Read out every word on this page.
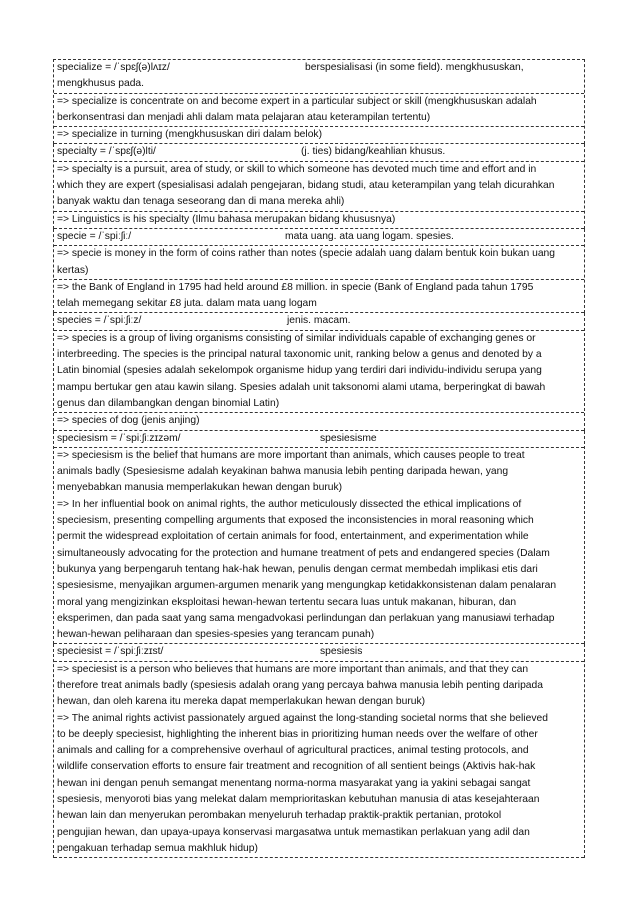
specialize = /ˈspɛʃ(ə)lʌɪz/	berspesialisasi (in some field). mengkhususkan,
mengkhusus pada.
=> specialize is concentrate on and become expert in a particular subject or skill (mengkhususkan adalah
berkonsentrasi dan menjadi ahli dalam mata pelajaran atau keterampilan tertentu)
=> specialize in turning (mengkhususkan diri dalam belok)
specialty = /ˈspɛʃ(ə)lti/	(j. ties) bidang/keahlian khusus.
=> specialty is a pursuit, area of study, or skill to which someone has devoted much time and effort and in
which they are expert (spesialisasi adalah pengejaran, bidang studi, atau keterampilan yang telah dicurahkan
banyak waktu dan tenaga seseorang dan di mana mereka ahli)
=> Linguistics is his specialty (Ilmu bahasa merupakan bidang khususnya)
specie = /ˈspiːʃiː/	mata uang. ata uang logam. spesies.
=> specie is money in the form of coins rather than notes (specie adalah uang dalam bentuk koin bukan uang
kertas)
=> the Bank of England in 1795 had held around £8 million. in specie (Bank of England pada tahun 1795
telah memegang sekitar £8 juta. dalam mata uang logam
species = /ˈspiːʃiːz/	jenis. macam.
=> species is a group of living organisms consisting of similar individuals capable of exchanging genes or
interbreeding. The species is the principal natural taxonomic unit, ranking below a genus and denoted by a
Latin binomial (spesies adalah sekelompok organisme hidup yang terdiri dari individu-individu serupa yang
mampu bertukar gen atau kawin silang. Spesies adalah unit taksonomi alami utama, berperingkat di bawah
genus dan dilambangkan dengan binomial Latin)
=> species of dog (jenis anjing)
speciesism = /ˈspiːʃiːzɪzəm/	spesiesisme
=> speciesism is the belief that humans are more important than animals, which causes people to treat
animals badly (Spesiesisme adalah keyakinan bahwa manusia lebih penting daripada hewan, yang
menyebabkan manusia memperlakukan hewan dengan buruk)
=> In her influential book on animal rights, the author meticulously dissected the ethical implications of
speciesism, presenting compelling arguments that exposed the inconsistencies in moral reasoning which
permit the widespread exploitation of certain animals for food, entertainment, and experimentation while
simultaneously advocating for the protection and humane treatment of pets and endangered species (Dalam
bukunya yang berpengaruh tentang hak-hak hewan, penulis dengan cermat membedah implikasi etis dari
spesiesisme, menyajikan argumen-argumen menarik yang mengungkap ketidakkonsistenan dalam penalaran
moral yang mengizinkan eksploitasi hewan-hewan tertentu secara luas untuk makanan, hiburan, dan
eksperimen, dan pada saat yang sama mengadvokasi perlindungan dan perlakuan yang manusiawi terhadap
hewan-hewan peliharaan dan spesies-spesies yang terancam punah)
speciesist = /ˈspiːʃiːzɪst/	spesiesis
=> speciesist is a person who believes that humans are more important than animals, and that they can
therefore treat animals badly (spesiesis adalah orang yang percaya bahwa manusia lebih penting daripada
hewan, dan oleh karena itu mereka dapat memperlakukan hewan dengan buruk)
=> The animal rights activist passionately argued against the long-standing societal norms that she believed
to be deeply speciesist, highlighting the inherent bias in prioritizing human needs over the welfare of other
animals and calling for a comprehensive overhaul of agricultural practices, animal testing protocols, and
wildlife conservation efforts to ensure fair treatment and recognition of all sentient beings (Aktivis hak-hak
hewan ini dengan penuh semangat menentang norma-norma masyarakat yang ia yakini sebagai sangat
spesiesis, menyoroti bias yang melekat dalam memprioritaskan kebutuhan manusia di atas kesejahteraan
hewan lain dan menyerukan perombakan menyeluruh terhadap praktik-praktik pertanian, protokol
pengujian hewan, dan upaya-upaya konservasi margasatwa untuk memastikan perlakuan yang adil dan
pengakuan terhadap semua makhluk hidup)
